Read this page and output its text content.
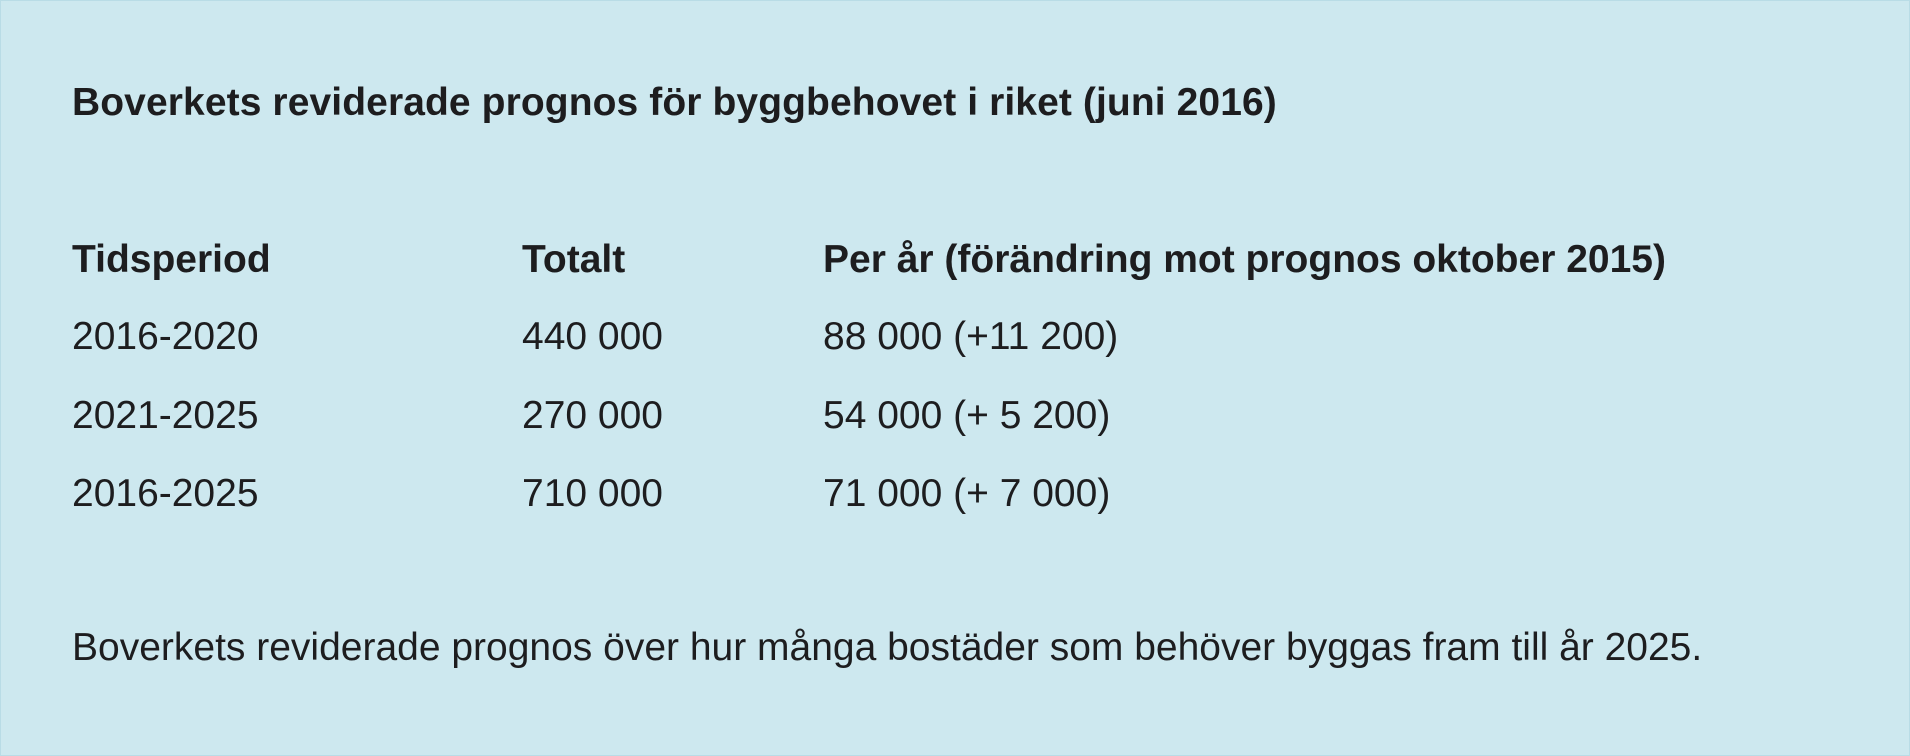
Boverkets reviderade prognos för byggbehovet i riket (juni 2016)
Tidsperiod	Totalt	Per år (förändring mot prognos oktober 2015)
2016-2020	440 000	88 000 (+11 200)
2021-2025	270 000	54 000 (+ 5 200)
2016-2025	710 000	71 000 (+ 7 000)
Boverkets reviderade prognos över hur många bostäder som behöver byggas fram till år 2025.
